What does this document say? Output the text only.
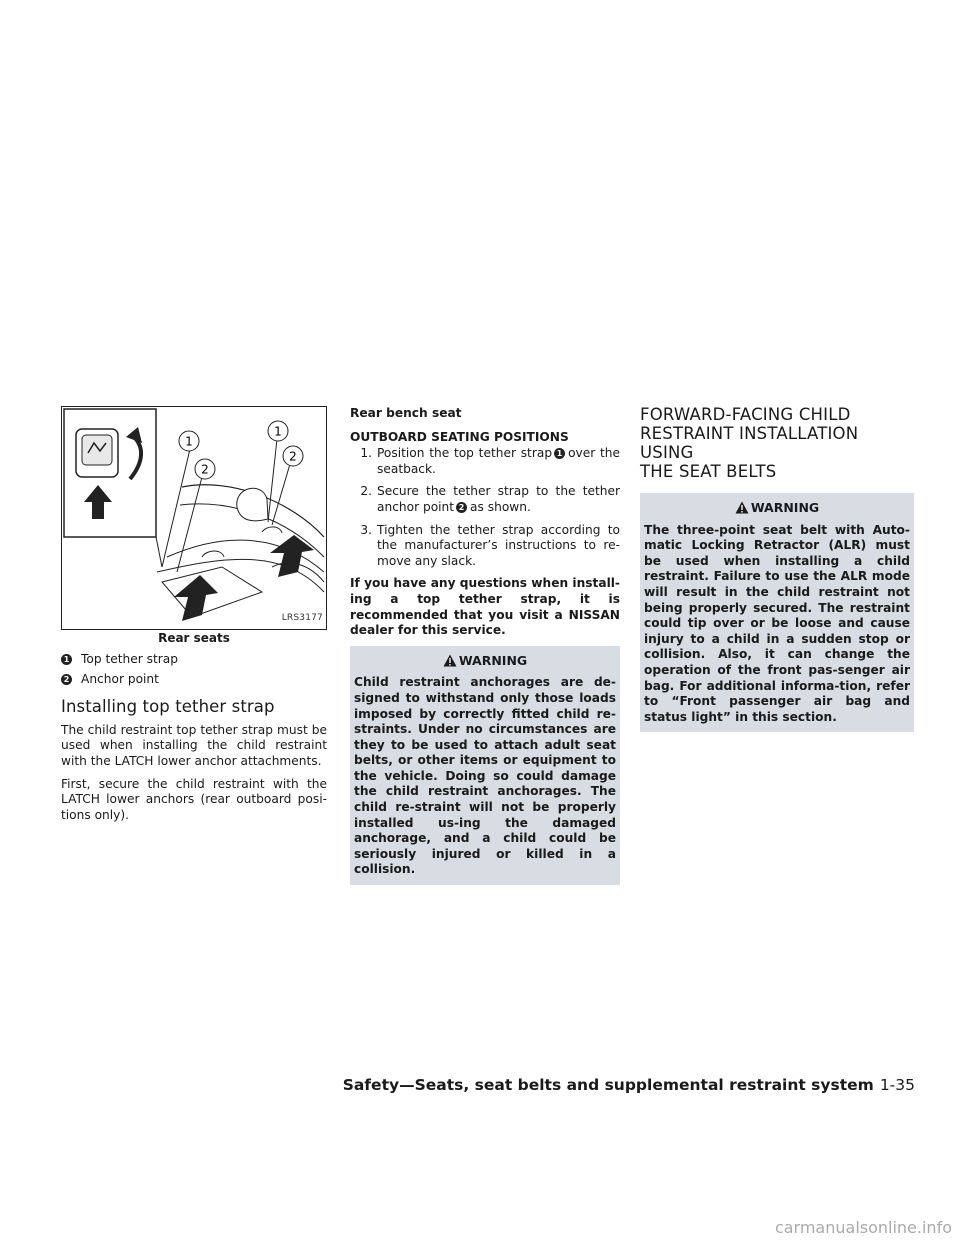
1
2
1
2
LRS3177
Rear seats
1 Top tether strap
2 Anchor point
Installing top tether strap

The child restraint top tether strap must be used when installing the child restraint with the LATCH lower anchor attachments.

First, secure the child restraint with the LATCH lower anchors (rear outboard posi-tions only).

Rear bench seat
OUTBOARD SEATING POSITIONS
1. Position the top tether strap 1 over the seatback.
2. Secure the tether strap to the tether anchor point 2 as shown.
3. Tighten the tether strap according to the manufacturer’s instructions to re-move any slack.

If you have any questions when install-ing a top tether strap, it is recommended that you visit a NISSAN dealer for this service.

WARNING
Child restraint anchorages are de-signed to withstand only those loads imposed by correctly fitted child re-straints. Under no circumstances are they to be used to attach adult seat belts, or other items or equipment to the vehicle. Doing so could damage the child restraint anchorages. The child re-straint will not be properly installed us-ing the damaged anchorage, and a child could be seriously injured or killed in a collision.
FORWARD-FACING CHILD
RESTRAINT INSTALLATION USING
THE SEAT BELTS
WARNING
The three-point seat belt with Auto-matic Locking Retractor (ALR) must be used when installing a child restraint. Failure to use the ALR mode will result in the child restraint not being properly secured. The restraint could tip over or be loose and cause injury to a child in a sudden stop or collision. Also, it can change the operation of the front pas-senger air bag. For additional informa-tion, refer to “Front passenger air bag and status light” in this section.
Safety—Seats, seat belts and supplemental restraint system 1-35
carmanualsonline.info
